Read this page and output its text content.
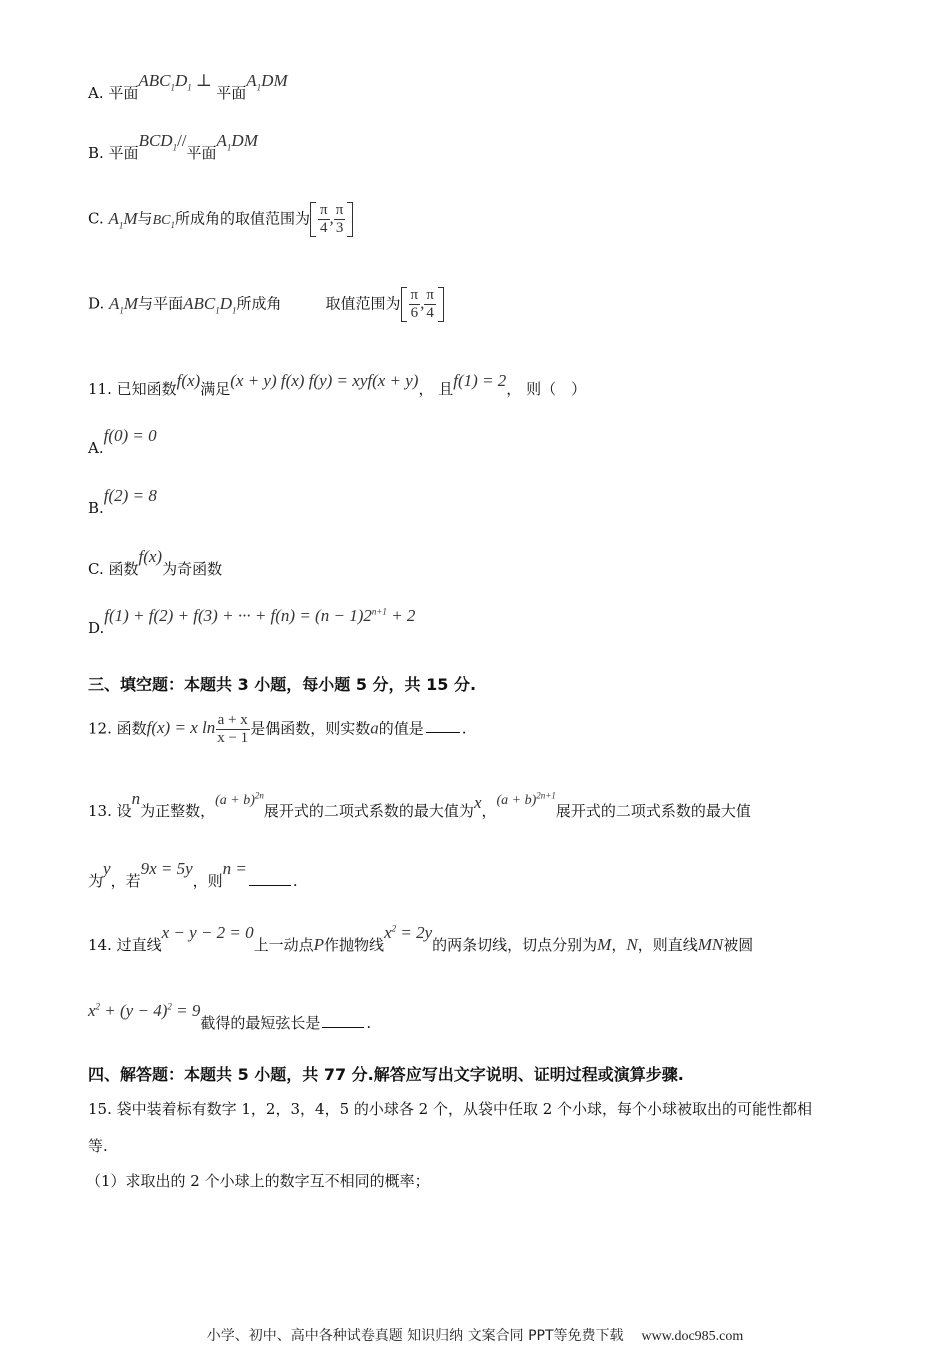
A. 平面$ABC_1D_1$ ⊥ 平面$A_1DM$
B. 平面$BCD_1//$平面$A_1DM$
C. $A_1M$与$BC_1$所成角的取值范围为 $\frac{\pi}{4}$ , $\frac{\pi}{3}$
D. $A_1M$与平面$ABC_1D_1$所成角	取值范围为 $\frac{\pi}{6}$ , $\frac{\pi}{4}$
11. 已知函数f(x)满足(x + y) f(x) f(y) = xyf(x + y)， 且f(1) = 2， 则（　）
A.f(0) = 0
B.f(2) = 8
C. 函数f(x)为奇函数
D.f(1) + f(2) + f(3) + ··· + $f(n) = (n - 1)2^{n+1} + 2$
三、填空题：本题共 3 小题，每小题 5 分，共 15 分.
12. 函数f(x) = x $\ln \frac{a + x}{x - 1}$ 是偶函数，则实数a的值是	.
13. 设n为正整数，$(a + b)^{2n}$展开式的二项式系数的最大值为x，$(a + b)^{2n+1}$展开式的二项式系数的最大值
为y，若9x = 5y，则n =.
14. 过直线x − y − 2 = 0上一动点P作抛物线$x^2 = 2y$的两条切线，切点分别为M，N，则直线MN被圆
$x^2 + (y - 4)^2 = 9$截得的最短弦长是	.
四、解答题：本题共 5 小题，共 77 分.解答应写出文字说明、证明过程或演算步骤.
15. 袋中装着标有数字 1，2，3，4，5 的小球各 2 个，从袋中任取 2 个小球，每个小球被取出的可能性都相
等.
（1）求取出的 2 个小球上的数字互不相同的概率；
小学、初中、高中各种试卷真题 知识归纳 文案合同 PPT等免费下载 www.doc985.com
